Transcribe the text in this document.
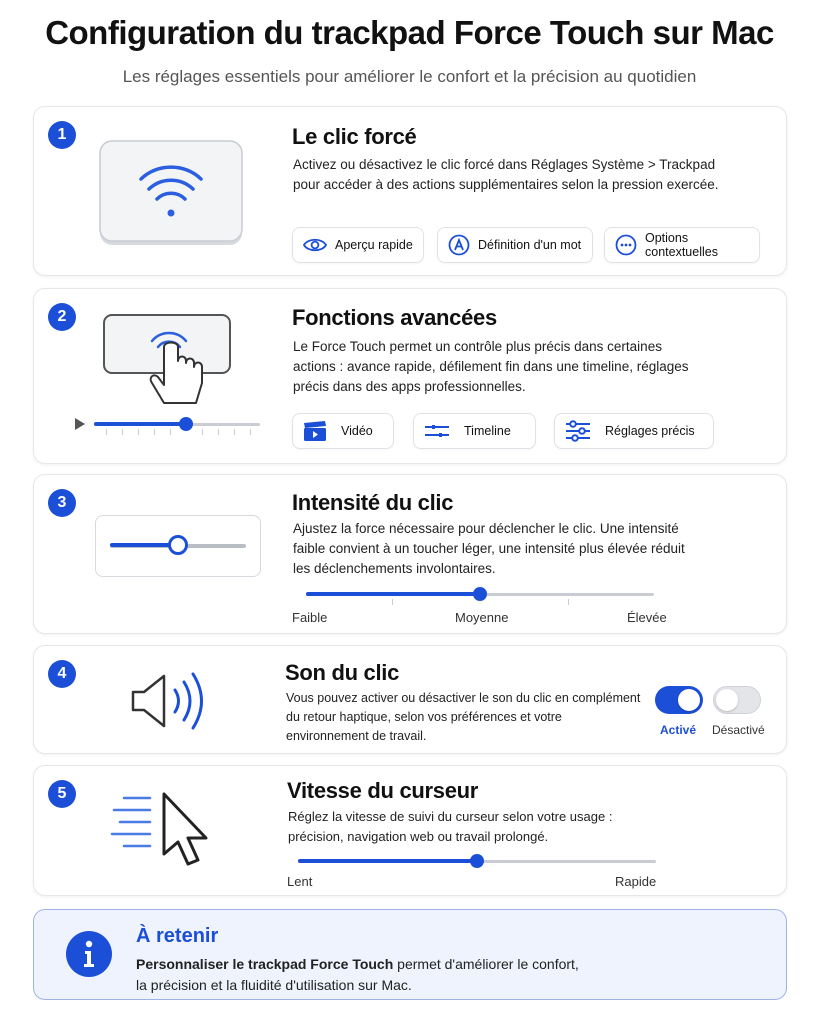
Configuration du trackpad Force Touch sur Mac
Les réglages essentiels pour améliorer le confort et la précision au quotidien
1	Le clic forcé
Activez ou désactivez le clic forcé dans Réglages Système > Trackpad pour accéder à des actions supplémentaires selon la pression exercée.
Aperçu rapide	Définition d'un mot	Options contextuelles
2	Fonctions avancées
Le Force Touch permet un contrôle plus précis dans certaines actions : avance rapide, défilement fin dans une timeline, réglages précis dans des apps professionnelles.
Vidéo	Timeline	Réglages précis
3	Intensité du clic
Ajustez la force nécessaire pour déclencher le clic. Une intensité faible convient à un toucher léger, une intensité plus élevée réduit les déclenchements involontaires.
Faible	Moyenne	Élevée
4	Son du clic
Vous pouvez activer ou désactiver le son du clic en complément du retour haptique, selon vos préférences et votre environnement de travail.	Activé Désactivé
5	Vitesse du curseur
Réglez la vitesse de suivi du curseur selon votre usage : précision, navigation web ou travail prolongé.
Lent	Rapide
À retenir
Personnaliser le trackpad Force Touch permet d'améliorer le confort,
la précision et la fluidité d'utilisation sur Mac.
